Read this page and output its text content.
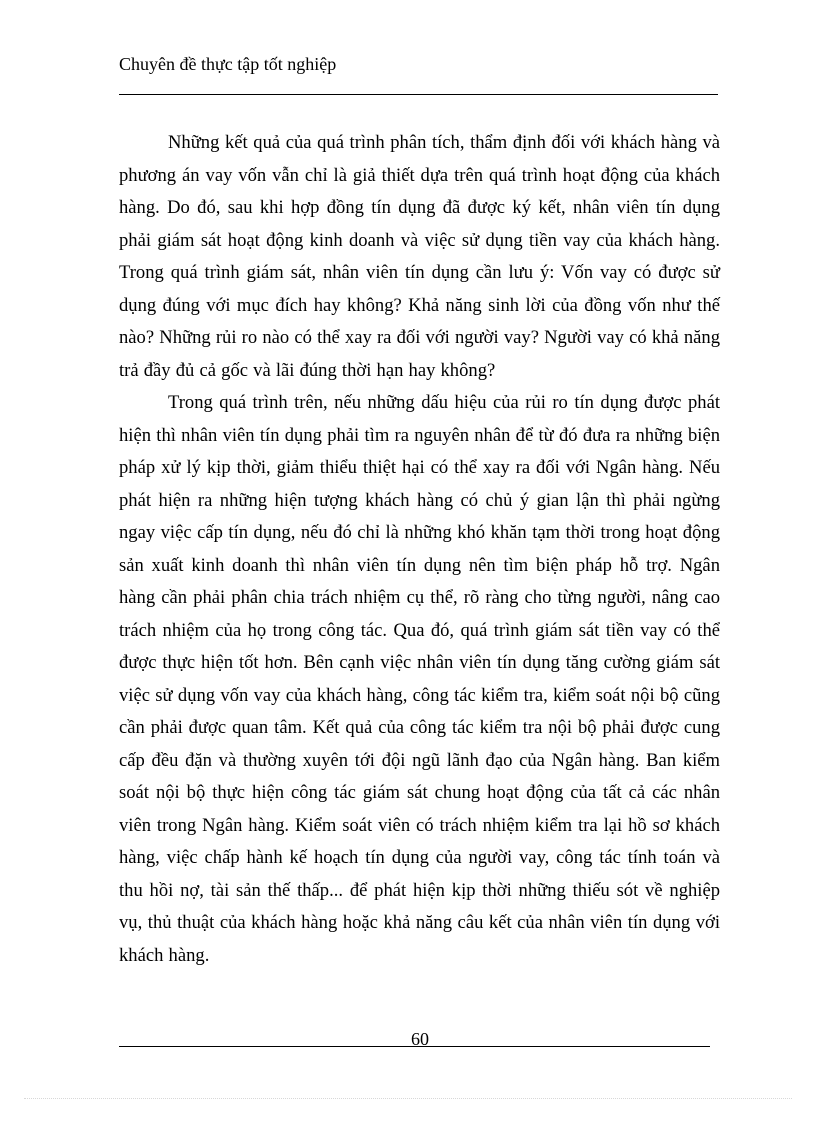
Chuyên đề thực tập tốt nghiệp

Những kết quả của quá trình phân tích, thẩm định đối với khách hàng và phương án vay vốn vẫn chỉ là giả thiết dựa trên quá trình hoạt động của khách hàng. Do đó, sau khi hợp đồng tín dụng đã được ký kết, nhân viên tín dụng phải giám sát hoạt động kinh doanh và việc sử dụng tiền vay của khách hàng. Trong quá trình giám sát, nhân viên tín dụng cần lưu ý: Vốn vay có được sử dụng đúng với mục đích hay không? Khả năng sinh lời của đồng vốn như thế nào? Những rủi ro nào có thể xay ra đối với người vay? Người vay có khả năng trả đầy đủ cả gốc và lãi đúng thời hạn hay không?

Trong quá trình trên, nếu những dấu hiệu của rủi ro tín dụng được phát hiện thì nhân viên tín dụng phải tìm ra nguyên nhân để từ đó đưa ra những biện pháp xử lý kịp thời, giảm thiểu thiệt hại có thể xay ra đối với Ngân hàng. Nếu phát hiện ra những hiện tượng khách hàng có chủ ý gian lận thì phải ngừng ngay việc cấp tín dụng, nếu đó chỉ là những khó khăn tạm thời trong hoạt động sản xuất kinh doanh thì nhân viên tín dụng nên tìm biện pháp hỗ trợ. Ngân hàng cần phải phân chia trách nhiệm cụ thể, rõ ràng cho từng người, nâng cao trách nhiệm của họ trong công tác. Qua đó, quá trình giám sát tiền vay có thể được thực hiện tốt hơn. Bên cạnh việc nhân viên tín dụng tăng cường giám sát việc sử dụng vốn vay của khách hàng, công tác kiểm tra, kiểm soát nội bộ cũng cần phải được quan tâm. Kết quả của công tác kiểm tra nội bộ phải được cung cấp đều đặn và thường xuyên tới đội ngũ lãnh đạo của Ngân hàng. Ban kiểm soát nội bộ thực hiện công tác giám sát chung hoạt động của tất cả các nhân viên trong Ngân hàng. Kiểm soát viên có trách nhiệm kiểm tra lại hồ sơ khách hàng, việc chấp hành kế hoạch tín dụng của người vay, công tác tính toán và thu hồi nợ, tài sản thế thấp... để phát hiện kịp thời những thiếu sót về nghiệp vụ, thủ thuật của khách hàng hoặc khả năng câu kết của nhân viên tín dụng với khách hàng.

60
